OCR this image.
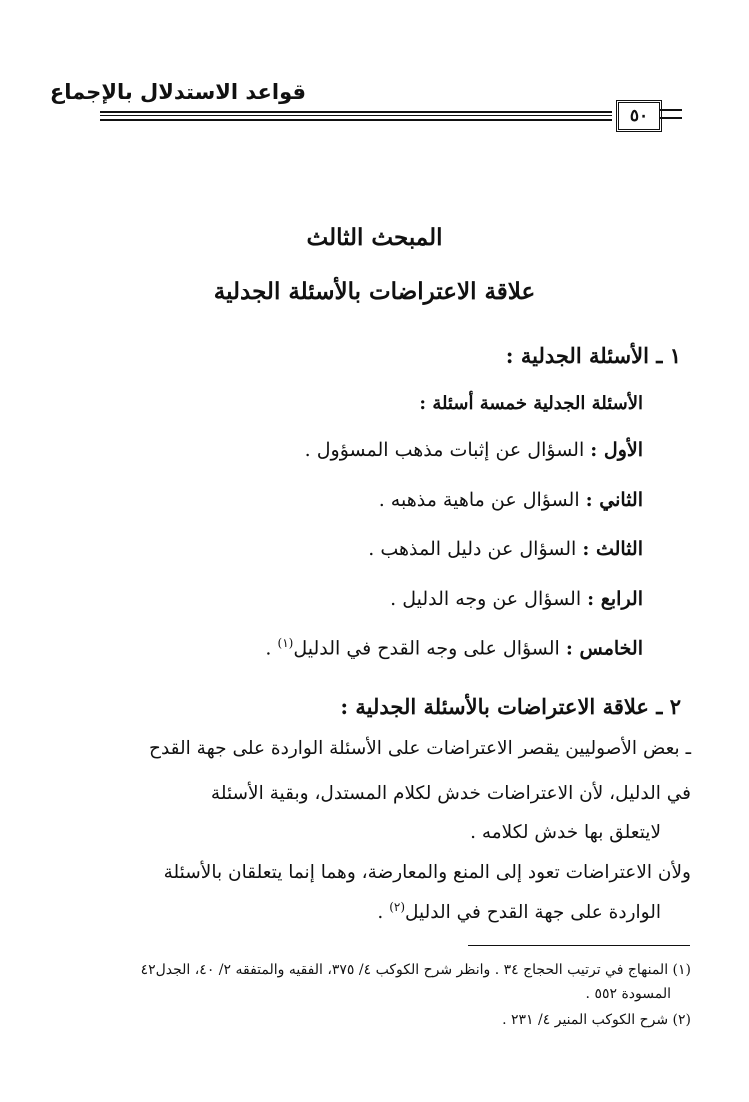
قواعد الاستدلال بالإجماع
٥٠
المبحث الثالث
علاقة الاعتراضات بالأسئلة الجدلية
١ ـ الأسئلة الجدلية :
الأسئلة الجدلية خمسة أسئلة :
الأول : السؤال عن إثبات مذهب المسؤول .
الثاني : السؤال عن ماهية مذهبه .
الثالث : السؤال عن دليل المذهب .
الرابع : السؤال عن وجه الدليل .
الخامس : السؤال على وجه القدح في الدليل$^{(١)}$ .
٢ ـ علاقة الاعتراضات بالأسئلة الجدلية :
ـ بعض الأصوليين يقصر الاعتراضات على الأسئلة الواردة على جهة القدح
في الدليل، لأن الاعتراضات خدش لكلام المستدل، وبقية الأسئلة
لايتعلق بها خدش لكلامه .
ولأن الاعتراضات تعود إلى المنع والمعارضة، وهما إنما يتعلقان بالأسئلة
الواردة على جهة القدح في الدليل$^{(٢)}$ .
(١) المنهاج في ترتيب الحجاج ٣٤ . وانظر شرح الكوكب ٤/ ٣٧٥، الفقيه والمتفقه ٢/ ٤٠، الجدل٤٢
المسودة ٥٥٢ .
(٢) شرح الكوكب المنير ٤/ ٢٣١ .
